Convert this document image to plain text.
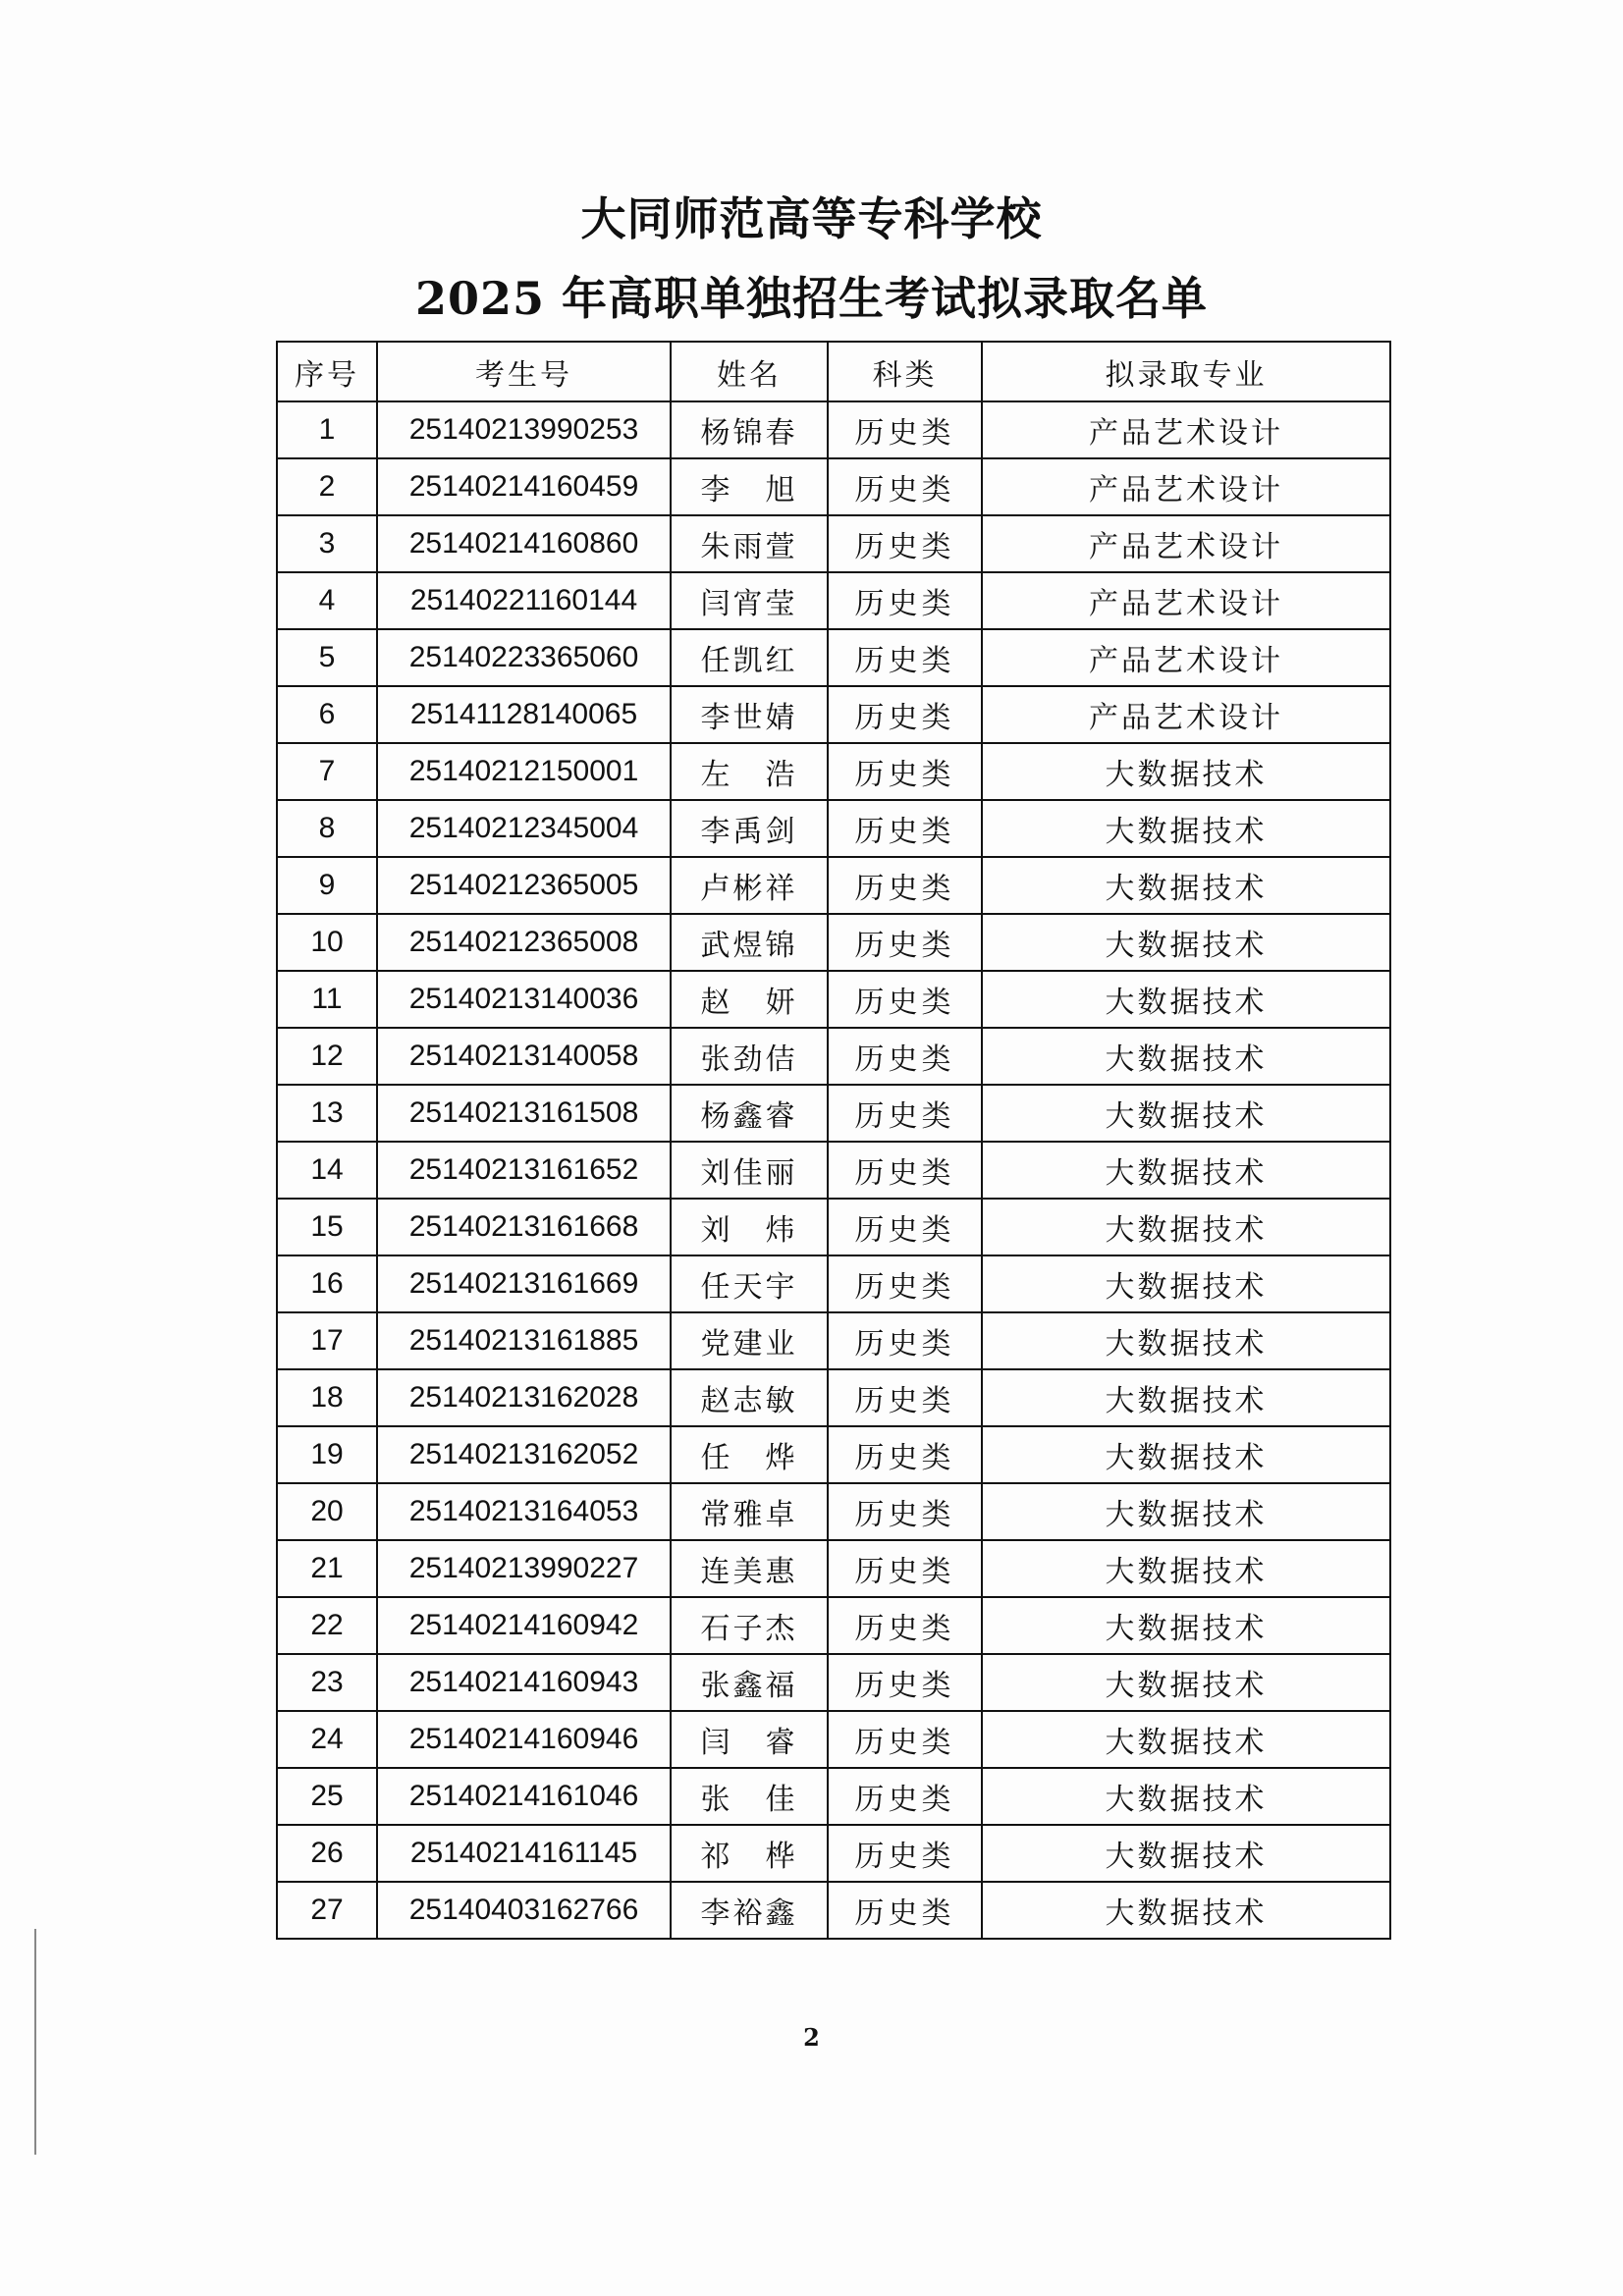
大同师范高等专科学校
2025 年高职单独招生考试拟录取名单
序号	考生号	姓名	科类	拟录取专业
1	25140213990253	杨锦春	历史类	产品艺术设计
2	25140214160459	李　旭	历史类	产品艺术设计
3	25140214160860	朱雨萱	历史类	产品艺术设计
4	25140221160144	闫宵莹	历史类	产品艺术设计
5	25140223365060	任凯红	历史类	产品艺术设计
6	25141128140065	李世婧	历史类	产品艺术设计
7	25140212150001	左　浩	历史类	大数据技术
8	25140212345004	李禹剑	历史类	大数据技术
9	25140212365005	卢彬祥	历史类	大数据技术
10	25140212365008	武煜锦	历史类	大数据技术
11	25140213140036	赵　妍	历史类	大数据技术
12	25140213140058	张劲佶	历史类	大数据技术
13	25140213161508	杨鑫睿	历史类	大数据技术
14	25140213161652	刘佳丽	历史类	大数据技术
15	25140213161668	刘　炜	历史类	大数据技术
16	25140213161669	任天宇	历史类	大数据技术
17	25140213161885	党建业	历史类	大数据技术
18	25140213162028	赵志敏	历史类	大数据技术
19	25140213162052	任　烨	历史类	大数据技术
20	25140213164053	常雅卓	历史类	大数据技术
21	25140213990227	连美惠	历史类	大数据技术
22	25140214160942	石子杰	历史类	大数据技术
23	25140214160943	张鑫福	历史类	大数据技术
24	25140214160946	闫　睿	历史类	大数据技术
25	25140214161046	张　佳	历史类	大数据技术
26	25140214161145	祁　桦	历史类	大数据技术
27	25140403162766	李裕鑫	历史类	大数据技术
2
